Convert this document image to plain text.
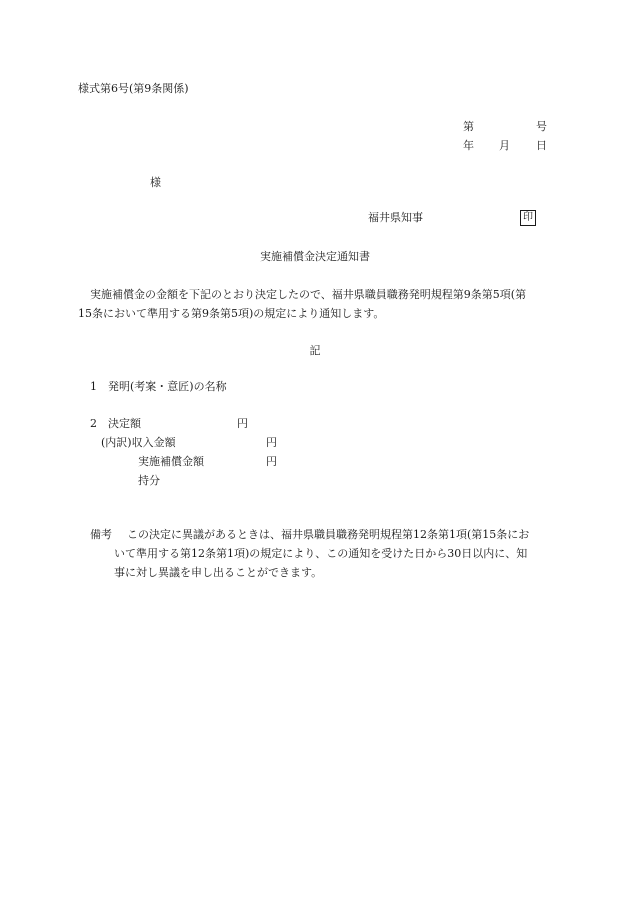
様式第6号(第9条関係)
第	号
年 月 日
様
福井県知事	印
実施補償金決定通知書
実施補償金の金額を下記のとおり決定したので、福井県職員職務発明規程第9条第5項(第
15条において準用する第9条第5項)の規定により通知します。
記
1　発明(考案・意匠)の名称
2　決定額	円
(内訳)収入金額	円
実施補償金額	円
持分
備考 この決定に異議があるときは、福井県職員職務発明規程第12条第1項(第15条にお
いて準用する第12条第1項)の規定により、この通知を受けた日から30日以内に、知
事に対し異議を申し出ることができます。
